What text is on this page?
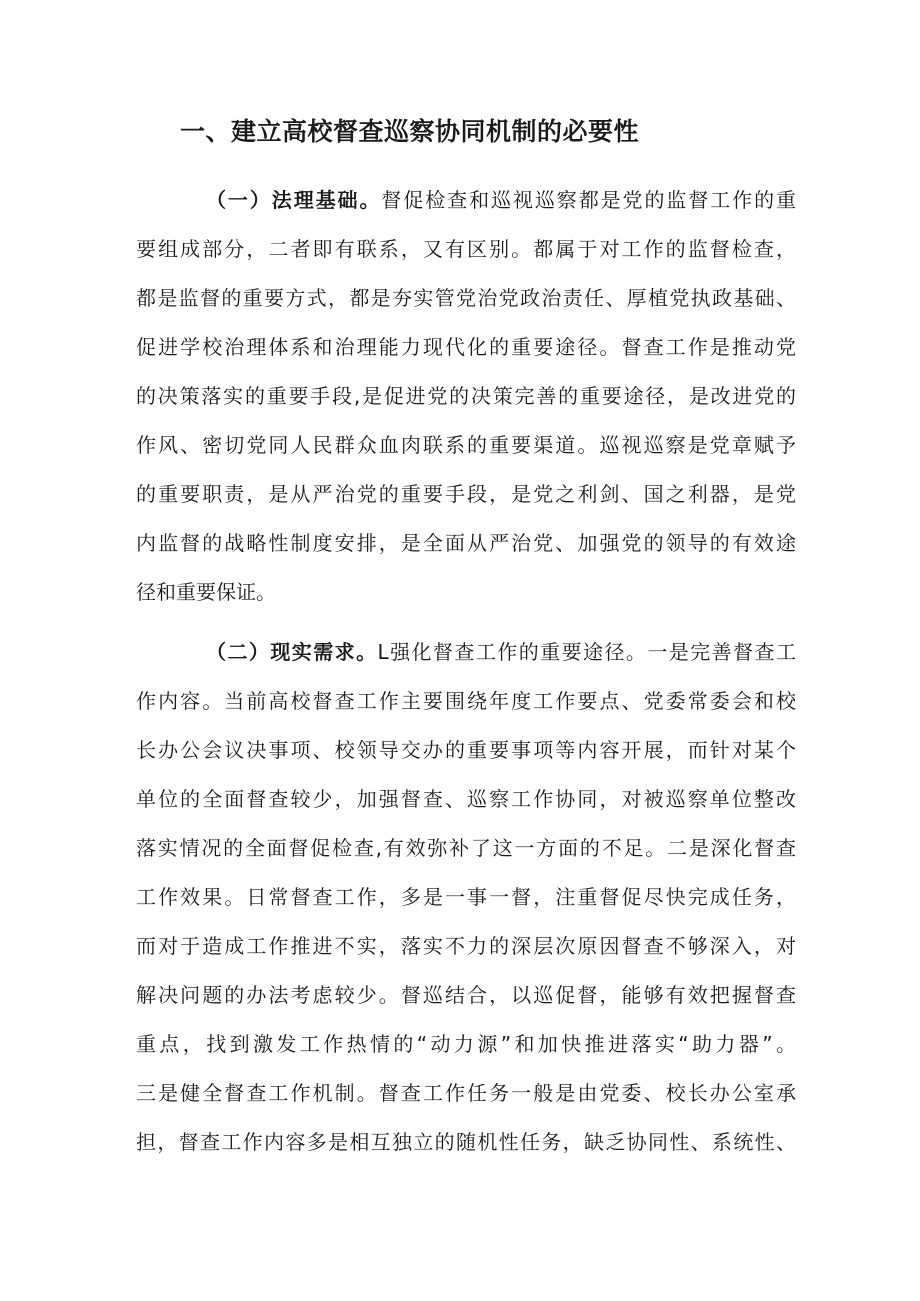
一、建立高校督查巡察协同机制的必要性
（一）法理基础。督促检查和巡视巡察都是党的监督工作的重
要组成部分，二者即有联系，又有区别。都属于对工作的监督检查，
都是监督的重要方式，都是夯实管党治党政治责任、厚植党执政基础、
促进学校治理体系和治理能力现代化的重要途径。督查工作是推动党
的决策落实的重要手段,是促进党的决策完善的重要途径，是改进党的
作风、密切党同人民群众血肉联系的重要渠道。巡视巡察是党章赋予
的重要职责，是从严治党的重要手段，是党之利剑、国之利器，是党
内监督的战略性制度安排，是全面从严治党、加强党的领导的有效途
径和重要保证。
（二）现实需求。L强化督查工作的重要途径。一是完善督查工
作内容。当前高校督查工作主要围绕年度工作要点、党委常委会和校
长办公会议决事项、校领导交办的重要事项等内容开展，而针对某个
单位的全面督查较少，加强督查、巡察工作协同，对被巡察单位整改
落实情况的全面督促检查,有效弥补了这一方面的不足。二是深化督查
工作效果。日常督查工作，多是一事一督，注重督促尽快完成任务，
而对于造成工作推进不实，落实不力的深层次原因督查不够深入，对
解决问题的办法考虑较少。督巡结合，以巡促督，能够有效把握督查
重点，找到激发工作热情的“动力源”和加快推进落实“助力器”。
三是健全督查工作机制。督查工作任务一般是由党委、校长办公室承
担，督查工作内容多是相互独立的随机性任务，缺乏协同性、系统性、
